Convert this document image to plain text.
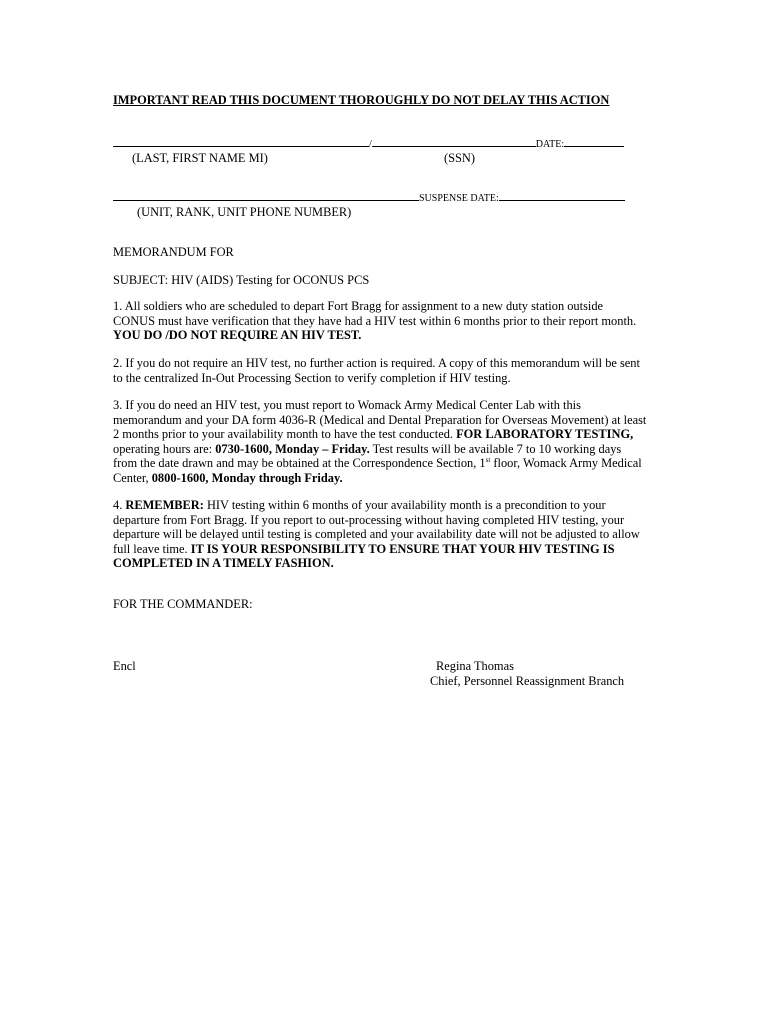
IMPORTANT READ THIS DOCUMENT THOROUGHLY DO NOT DELAY THIS ACTION
/	DATE:
(LAST, FIRST NAME MI)	(SSN)
SUSPENSE DATE:
(UNIT, RANK, UNIT PHONE NUMBER)
MEMORANDUM FOR
SUBJECT: HIV (AIDS) Testing for OCONUS PCS
1. All soldiers who are scheduled to depart Fort Bragg for assignment to a new duty station outside
CONUS must have verification that they have had a HIV test within 6 months prior to their report month.
YOU DO /DO NOT REQUIRE AN HIV TEST.
2. If you do not require an HIV test, no further action is required. A copy of this memorandum will be sent
to the centralized In-Out Processing Section to verify completion if HIV testing.
3. If you do need an HIV test, you must report to Womack Army Medical Center Lab with this
memorandum and your DA form 4036-R (Medical and Dental Preparation for Overseas Movement) at least
2 months prior to your availability month to have the test conducted. FOR LABORATORY TESTING,
operating hours are: 0730-1600, Monday – Friday. Test results will be available 7 to 10 working days
from the date drawn and may be obtained at the Correspondence Section, 1st floor, Womack Army Medical
Center, 0800-1600, Monday through Friday.
4. REMEMBER: HIV testing within 6 months of your availability month is a precondition to your
departure from Fort Bragg. If you report to out-processing without having completed HIV testing, your
departure will be delayed until testing is completed and your availability date will not be adjusted to allow
full leave time. IT IS YOUR RESPONSIBILITY TO ENSURE THAT YOUR HIV TESTING IS
COMPLETED IN A TIMELY FASHION.
FOR THE COMMANDER:
Encl	Regina Thomas
Chief, Personnel Reassignment Branch
